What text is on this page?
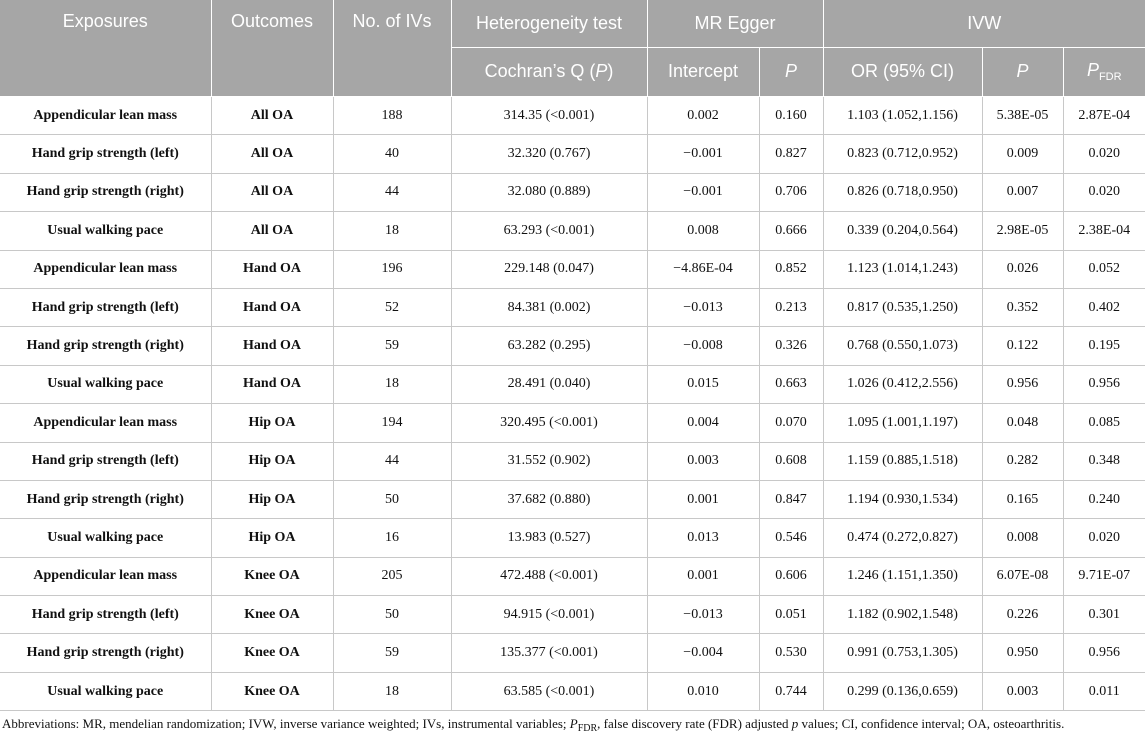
Exposures	Outcomes	No. of IVs	Heterogeneity test	MR Egger		IVW		
			Cochran’s Q (P)	Intercept	P	OR (95% CI)	P	$P_{FDR}$
Appendicular lean mass	All OA	188	314.35 (<0.001)	0.002	0.160	1.103 (1.052,1.156)	5.38E-05	2.87E-04
Hand grip strength (left)	All OA	40	32.320 (0.767)	−0.001	0.827	0.823 (0.712,0.952)	0.009	0.020
Hand grip strength (right)	All OA	44	32.080 (0.889)	−0.001	0.706	0.826 (0.718,0.950)	0.007	0.020
Usual walking pace	All OA	18	63.293 (<0.001)	0.008	0.666	0.339 (0.204,0.564)	2.98E-05	2.38E-04
Appendicular lean mass	Hand OA	196	229.148 (0.047)	−4.86E-04	0.852	1.123 (1.014,1.243)	0.026	0.052
Hand grip strength (left)	Hand OA	52	84.381 (0.002)	−0.013	0.213	0.817 (0.535,1.250)	0.352	0.402
Hand grip strength (right)	Hand OA	59	63.282 (0.295)	−0.008	0.326	0.768 (0.550,1.073)	0.122	0.195
Usual walking pace	Hand OA	18	28.491 (0.040)	0.015	0.663	1.026 (0.412,2.556)	0.956	0.956
Appendicular lean mass	Hip OA	194	320.495 (<0.001)	0.004	0.070	1.095 (1.001,1.197)	0.048	0.085
Hand grip strength (left)	Hip OA	44	31.552 (0.902)	0.003	0.608	1.159 (0.885,1.518)	0.282	0.348
Hand grip strength (right)	Hip OA	50	37.682 (0.880)	0.001	0.847	1.194 (0.930,1.534)	0.165	0.240
Usual walking pace	Hip OA	16	13.983 (0.527)	0.013	0.546	0.474 (0.272,0.827)	0.008	0.020
Appendicular lean mass	Knee OA	205	472.488 (<0.001)	0.001	0.606	1.246 (1.151,1.350)	6.07E-08	9.71E-07
Hand grip strength (left)	Knee OA	50	94.915 (<0.001)	−0.013	0.051	1.182 (0.902,1.548)	0.226	0.301
Hand grip strength (right)	Knee OA	59	135.377 (<0.001)	−0.004	0.530	0.991 (0.753,1.305)	0.950	0.956
Usual walking pace	Knee OA	18	63.585 (<0.001)	0.010	0.744	0.299 (0.136,0.659)	0.003	0.011
Abbreviations: MR, mendelian randomization; IVW, inverse variance weighted; IVs, instrumental variables; $P_{FDR}$, false discovery rate (FDR) adjusted p values; CI, confidence interval; OA, osteoarthritis.
